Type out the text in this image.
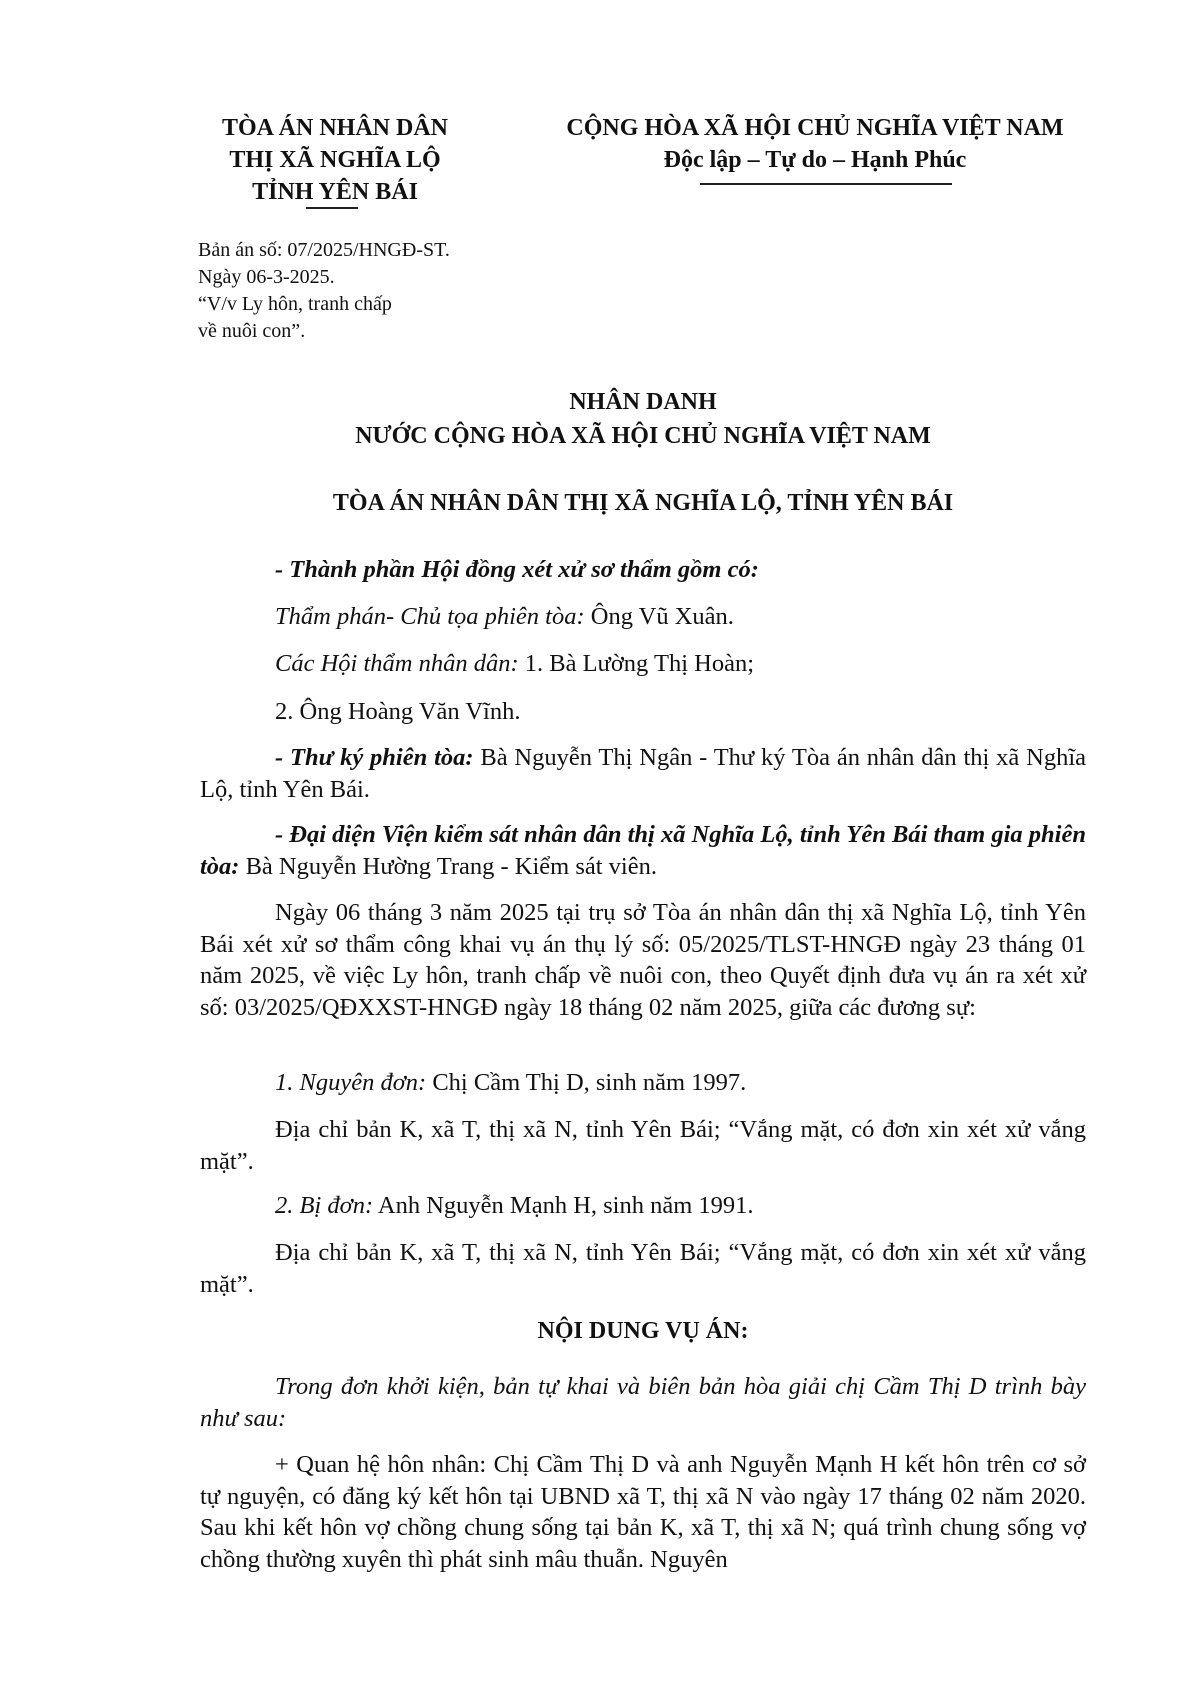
TÒA ÁN NHÂN DÂN
THỊ XÃ NGHĨA LỘ
TỈNH YÊN BÁI
CỘNG HÒA XÃ HỘI CHỦ NGHĨA VIỆT NAM
Độc lập – Tự do – Hạnh Phúc
Bản án số: 07/2025/HNGĐ-ST.
Ngày 06-3-2025.
“V/v Ly hôn, tranh chấp
về nuôi con”.
NHÂN DANH
NƯỚC CỘNG HÒA XÃ HỘI CHỦ NGHĨA VIỆT NAM
TÒA ÁN NHÂN DÂN THỊ XÃ NGHĨA LỘ, TỈNH YÊN BÁI
- Thành phần Hội đồng xét xử sơ thẩm gồm có:
Thẩm phán- Chủ tọa phiên tòa: Ông Vũ Xuân.
Các Hội thẩm nhân dân: 1. Bà Lường Thị Hoàn;
2. Ông Hoàng Văn Vĩnh.
- Thư ký phiên tòa: Bà Nguyễn Thị Ngân - Thư ký Tòa án nhân dân thị xã Nghĩa Lộ, tỉnh Yên Bái.
- Đại diện Viện kiểm sát nhân dân thị xã Nghĩa Lộ, tỉnh Yên Bái tham gia phiên tòa: Bà Nguyễn Hường Trang - Kiểm sát viên.
Ngày 06 tháng 3 năm 2025 tại trụ sở Tòa án nhân dân thị xã Nghĩa Lộ, tỉnh Yên Bái xét xử sơ thẩm công khai vụ án thụ lý số: 05/2025/TLST-HNGĐ ngày 23 tháng 01 năm 2025, về việc Ly hôn, tranh chấp về nuôi con, theo Quyết định đưa vụ án ra xét xử số: 03/2025/QĐXXST-HNGĐ ngày 18 tháng 02 năm 2025, giữa các đương sự:
1. Nguyên đơn: Chị Cầm Thị D, sinh năm 1997.
Địa chỉ bản K, xã T, thị xã N, tỉnh Yên Bái; “Vắng mặt, có đơn xin xét xử vắng mặt”.
2. Bị đơn: Anh Nguyễn Mạnh H, sinh năm 1991.
Địa chỉ bản K, xã T, thị xã N, tỉnh Yên Bái; “Vắng mặt, có đơn xin xét xử vắng mặt”.
NỘI DUNG VỤ ÁN:
Trong đơn khởi kiện, bản tự khai và biên bản hòa giải chị Cầm Thị D trình bày như sau:
+ Quan hệ hôn nhân: Chị Cầm Thị D và anh Nguyễn Mạnh H kết hôn trên cơ sở tự nguyện, có đăng ký kết hôn tại UBND xã T, thị xã N vào ngày 17 tháng 02 năm 2020. Sau khi kết hôn vợ chồng chung sống tại bản K, xã T, thị xã N; quá trình chung sống vợ chồng thường xuyên thì phát sinh mâu thuẫn. Nguyên
